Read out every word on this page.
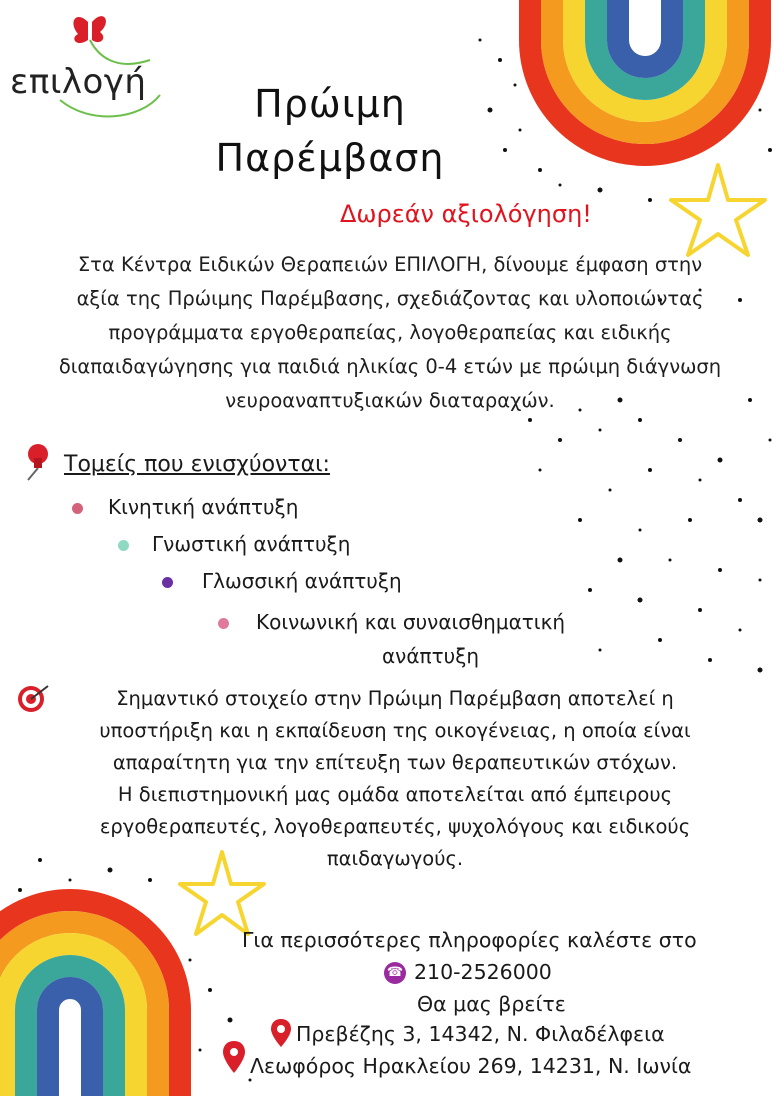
επιλογή	Πρώιμη
Παρέμβαση
Δωρεάν αξιολόγηση!
Στα Κέντρα Ειδικών Θεραπειών ΕΠΙΛΟΓΗ, δίνουμε έμφαση στην
αξία της Πρώιμης Παρέμβασης, σχεδιάζοντας και υλοποιώντας
προγράμματα εργοθεραπείας, λογοθεραπείας και ειδικής
διαπαιδαγώγησης για παιδιά ηλικίας 0-4 ετών με πρώιμη διάγνωση
νευροαναπτυξιακών διαταραχών.
Τομείς που ενισχύονται:
Κινητική ανάπτυξη
Γνωστική ανάπτυξη
Γλωσσική ανάπτυξη
Κοινωνική και συναισθηματική
ανάπτυξη
Σημαντικό στοιχείο στην Πρώιμη Παρέμβαση αποτελεί η
υποστήριξη και η εκπαίδευση της οικογένειας, η οποία είναι
απαραίτητη για την επίτευξη των θεραπευτικών στόχων.
Η διεπιστημονική μας ομάδα αποτελείται από έμπειρους
εργοθεραπευτές, λογοθεραπευτές, ψυχολόγους και ειδικούς
παιδαγωγούς.
Για περισσότερες πληροφορίες καλέστε στο
☎ 210-2526000
Θα μας βρείτε
Πρεβέζης 3, 14342, Ν. Φιλαδέλφεια
Λεωφόρος Ηρακλείου 269, 14231, Ν. Ιωνία
